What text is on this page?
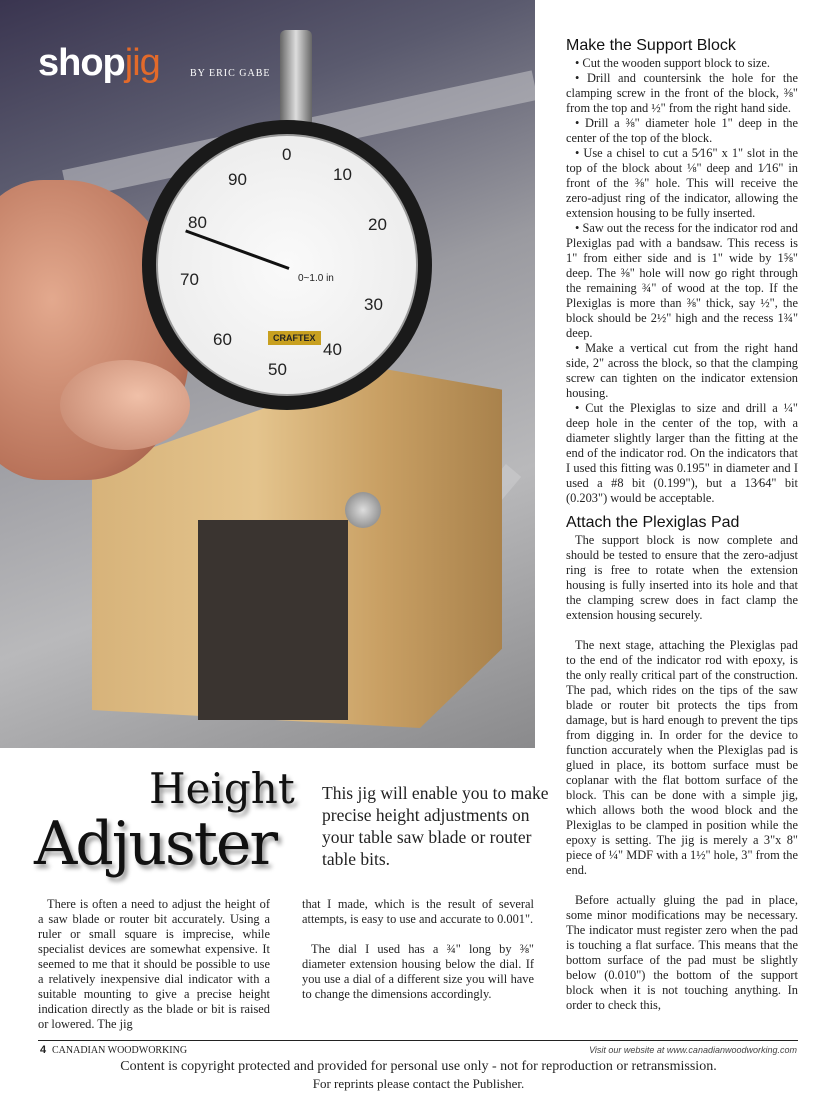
0
10
20
30
40
50
60
70
80
90
0~1.0 in
CRAFTEX
shopjig	BY ERIC GABE
Make the Support Block

• Cut the wooden support block to size.

• Drill and countersink the hole for the clamping screw in the front of the block, ⅜" from the top and ½" from the right hand side.

• Drill a ⅜" diameter hole 1" deep in the center of the top of the block.

• Use a chisel to cut a 5⁄16" x 1" slot in the top of the block about ⅛" deep and 1⁄16" in front of the ⅜" hole. This will receive the zero-adjust ring of the indicator, allowing the extension housing to be fully inserted.

• Saw out the recess for the indicator rod and Plexiglas pad with a bandsaw. This recess is 1" from either side and is 1" wide by 1⅝" deep. The ⅜" hole will now go right through the remaining ¾" of wood at the top. If the Plexiglas is more than ⅜" thick, say ½", the block should be 2½" high and the recess 1¾" deep.

• Make a vertical cut from the right hand side, 2" across the block, so that the clamping screw can tighten on the indicator extension housing.

• Cut the Plexiglas to size and drill a ¼" deep hole in the center of the top, with a diameter slightly larger than the fitting at the end of the indicator rod. On the indicators that I used this fitting was 0.195" in diameter and I used a #8 bit (0.199"), but a 13⁄64" bit (0.203") would be acceptable.

Attach the Plexiglas Pad

The support block is now complete and should be tested to ensure that the zero-adjust ring is free to rotate when the extension housing is fully inserted into its hole and that the clamping screw does in fact clamp the extension housing securely.

The next stage, attaching the Plexiglas pad to the end of the indicator rod with epoxy, is the only really critical part of the construction. The pad, which rides on the tips of the saw blade or router bit protects the tips from damage, but is hard enough to prevent the tips from digging in. In order for the device to function accurately when the Plexiglas pad is glued in place, its bottom surface must be coplanar with the flat bottom surface of the block. This can be done with a simple jig, which allows both the wood block and the Plexiglas to be clamped in position while the epoxy is setting. The jig is merely a 3"x 8" piece of ¼" MDF with a 1½" hole, 3" from the end.

Before actually gluing the pad in place, some minor modifications may be necessary. The indicator must register zero when the pad is touching a flat surface. This means that the bottom surface of the pad must be slightly below (0.010") the bottom of the support block when it is not touching anything. In order to check this,

Height
Adjuster
This jig will enable you to make precise height adjustments on your table saw blade or router table bits.

There is often a need to adjust the height of a saw blade or router bit accurately. Using a ruler or small square is imprecise, while specialist devices are somewhat expensive. It seemed to me that it should be possible to use a relatively inexpensive dial indicator with a suitable mounting to give a precise height indication directly as the blade or bit is raised or lowered. The jig

that I made, which is the result of several attempts, is easy to use and accurate to 0.001".

The dial I used has a ¾" long by ⅜" diameter extension housing below the dial. If you use a dial of a different size you will have to change the dimensions accordingly.

4 CANADIAN WOODWORKING	Visit our website at www.canadianwoodworking.com
Content is copyright protected and provided for personal use only - not for reproduction or retransmission.
For reprints please contact the Publisher.
